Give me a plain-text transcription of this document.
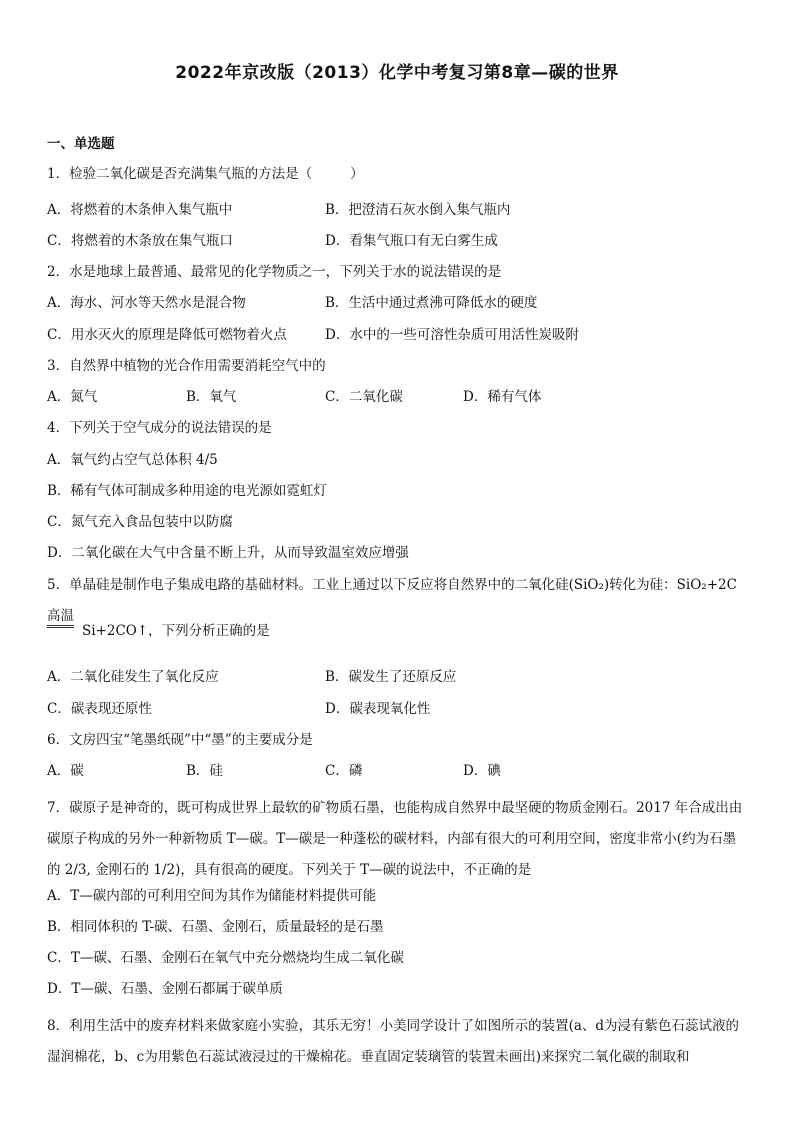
2022年京改版（2013）化学中考复习第8章—碳的世界
一、单选题
1．检验二氧化碳是否充满集气瓶的方法是（	）
A．将燃着的木条伸入集气瓶中	B．把澄清石灰水倒入集气瓶内
C．将燃着的木条放在集气瓶口	D．看集气瓶口有无白雾生成
2．水是地球上最普通、最常见的化学物质之一，下列关于水的说法错误的是
A．海水、河水等天然水是混合物	B．生活中通过煮沸可降低水的硬度
C．用水灭火的原理是降低可燃物着火点	D．水中的一些可溶性杂质可用活性炭吸附
3．自然界中植物的光合作用需要消耗空气中的
A．氮气	B．氧气	C．二氧化碳	D．稀有气体
4．下列关于空气成分的说法错误的是
A．氧气约占空气总体积 4/5
B．稀有气体可制成多种用途的电光源如霓虹灯
C．氮气充入食品包装中以防腐
D．二氧化碳在大气中含量不断上升，从而导致温室效应增强
5．单晶硅是制作电子集成电路的基础材料。工业上通过以下反应将自然界中的二氧化硅(SiO₂)转化为硅：SiO₂+2C
高温
Si+2CO↑，下列分析正确的是
A．二氧化硅发生了氧化反应	B．碳发生了还原反应
C．碳表现还原性	D．碳表现氧化性
6．文房四宝“笔墨纸砚”中“墨”的主要成分是
A．碳	B．硅	C．磷	D．碘
7．碳原子是神奇的，既可构成世界上最软的矿物质石墨，也能构成自然界中最坚硬的物质金刚石。2017 年合成出由碳原子构成的另外一种新物质 T—碳。T—碳是一种蓬松的碳材料，内部有很大的可利用空间，密度非常小(约为石墨的 2/3, 金刚石的 1/2)，具有很高的硬度。下列关于 T—碳的说法中，不正确的是
A．T—碳内部的可利用空间为其作为储能材料提供可能
B．相同体积的 T-碳、石墨、金刚石，质量最轻的是石墨
C．T—碳、石墨、金刚石在氧气中充分燃烧均生成二氧化碳
D．T—碳、石墨、金刚石都属于碳单质
8．利用生活中的废弃材料来做家庭小实验，其乐无穷！小美同学设计了如图所示的装置(a、d为浸有紫色石蕊试液的湿润棉花，b、c为用紫色石蕊试液浸过的干燥棉花。垂直固定装璃管的装置未画出)来探究二氧化碳的制取和
